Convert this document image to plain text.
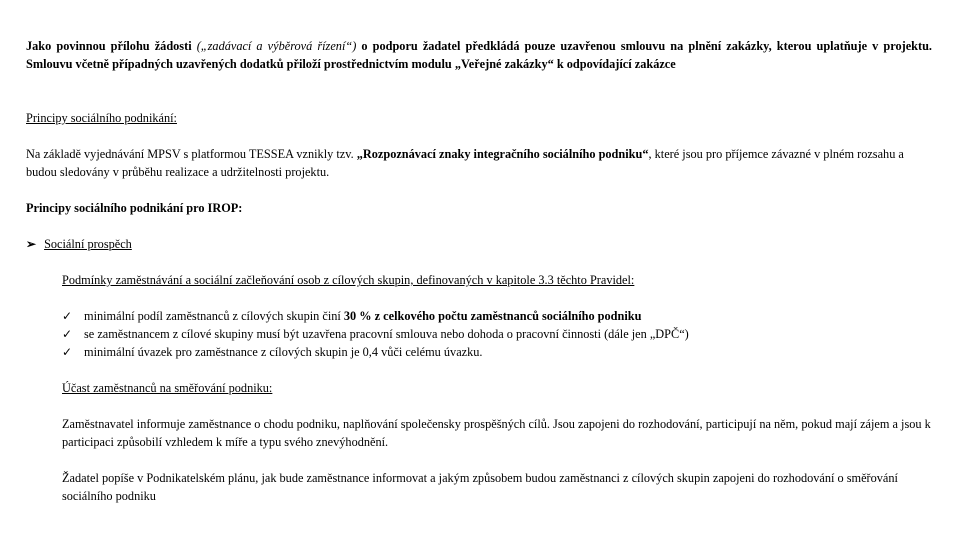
Jako povinnou přílohu žádosti („zadávací a výběrová řízení“) o podporu žadatel předkládá pouze uzavřenou smlouvu na plnění zakázky, kterou uplatňuje v projektu. Smlouvu včetně případných uzavřených dodatků přiloží prostřednictvím modulu „Veřejné zakázky“ k odpovídající zakázce

Principy sociálního podnikání:

Na základě vyjednávání MPSV s platformou TESSEA vznikly tzv. „Rozpoznávací znaky integračního sociálního podniku“, které jsou pro příjemce závazné v plném rozsahu a budou sledovány v průběhu realizace a udržitelnosti projektu.

Principy sociálního podnikání pro IROP:

➢ Sociální prospěch

Podmínky zaměstnávání a sociální začleňování osob z cílových skupin, definovaných v kapitole 3.3 těchto Pravidel:

✓ minimální podíl zaměstnanců z cílových skupin činí 30 % z celkového počtu zaměstnanců sociálního podniku
✓ se zaměstnancem z cílové skupiny musí být uzavřena pracovní smlouva nebo dohoda o pracovní činnosti (dále jen „DPČ“)
✓ minimální úvazek pro zaměstnance z cílových skupin je 0,4 vůči celému úvazku.

Účast zaměstnanců na směřování podniku:

Zaměstnavatel informuje zaměstnance o chodu podniku, naplňování společensky prospěšných cílů. Jsou zapojeni do rozhodování, participují na něm, pokud mají zájem a jsou k participaci způsobilí vzhledem k míře a typu svého znevýhodnění.

Žadatel popíše v Podnikatelském plánu, jak bude zaměstnance informovat a jakým způsobem budou zaměstnanci z cílových skupin zapojeni do rozhodování o směřování sociálního podniku
